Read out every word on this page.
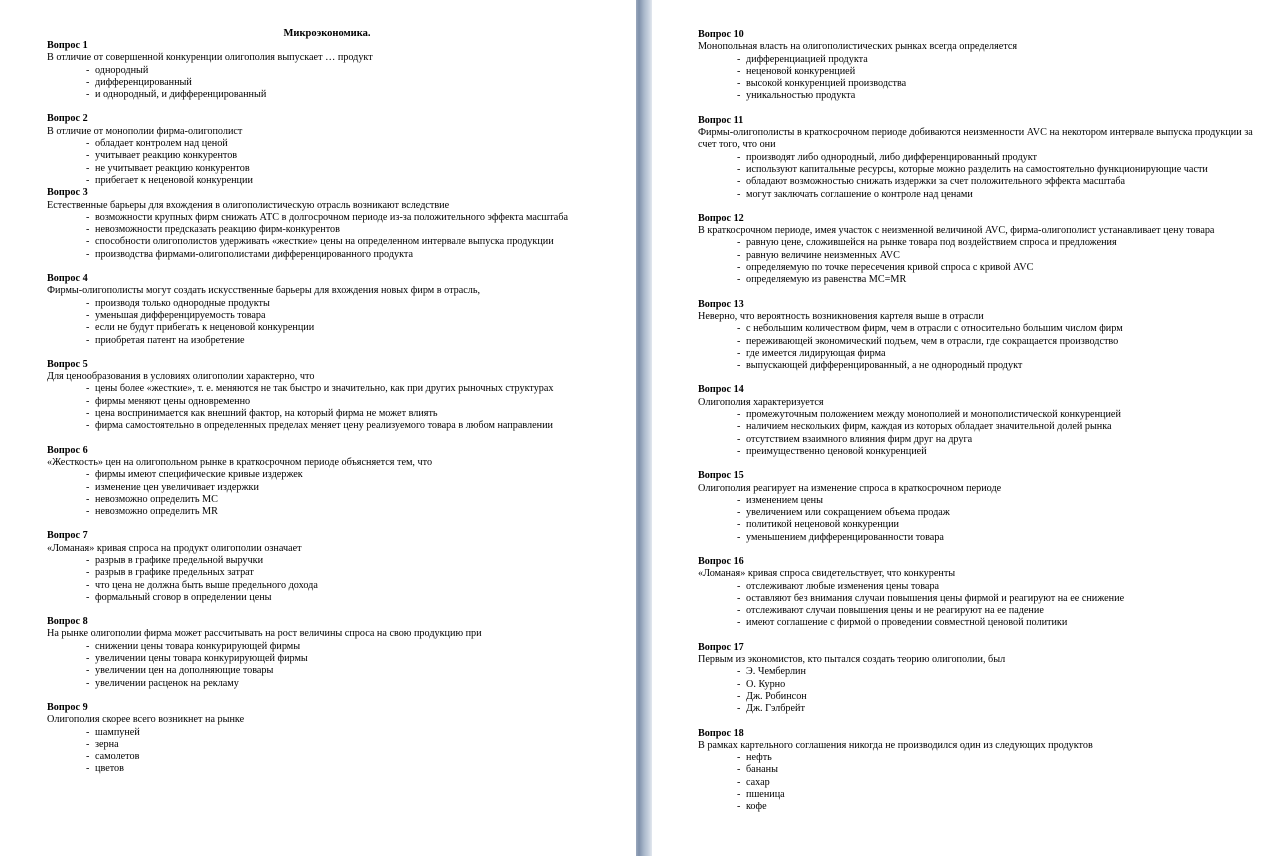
Микроэкономика.
Вопрос 1
В отличие от совершенной конкуренции олигополия выпускает … продукт
- однородный
- дифференцированный
- и однородный, и дифференцированный
Вопрос 2
В отличие от монополии фирма-олигополист
- обладает контролем над ценой
- учитывает реакцию конкурентов
- не учитывает реакцию конкурентов
- прибегает к неценовой конкуренции
Вопрос 3
Естественные барьеры для вхождения в олигополистическую отрасль возникают вследствие
- возможности крупных фирм снижать АТС в долгосрочном периоде из-за положительного эффекта масштаба
- невозможности предсказать реакцию фирм-конкурентов
- способности олигополистов удерживать «жесткие» цены на определенном интервале выпуска продукции
- производства фирмами-олигополистами дифференцированного продукта
Вопрос 4
Фирмы-олигополисты могут создать искусственные барьеры для вхождения новых фирм в отрасль,
- производя только однородные продукты
- уменьшая дифференцируемость товара
- если не будут прибегать к неценовой конкуренции
- приобретая патент на изобретение
Вопрос 5
Для ценообразования в условиях олигополии характерно, что
- цены более «жесткие», т. е. меняются не так быстро и значительно, как при других рыночных структурах
- фирмы меняют цены одновременно
- цена воспринимается как внешний фактор, на который фирма не может влиять
- фирма самостоятельно в определенных пределах меняет цену реализуемого товара в любом направлении
Вопрос 6
«Жесткость» цен на олигопольном рынке в краткосрочном периоде объясняется тем, что
- фирмы имеют специфические кривые издержек
- изменение цен увеличивает издержки
- невозможно определить МС
- невозможно определить MR
Вопрос 7
«Ломаная» кривая спроса на продукт олигополии означает
- разрыв в графике предельной выручки
- разрыв в графике предельных затрат
- что цена не должна быть выше предельного дохода
- формальный сговор в определении цены
Вопрос 8
На рынке олигополии фирма может рассчитывать на рост величины спроса на свою продукцию при
- снижении цены товара конкурирующей фирмы
- увеличении цены товара конкурирующей фирмы
- увеличении цен на дополняющие товары
- увеличении расценок на рекламу
Вопрос 9
Олигополия скорее всего возникнет на рынке
- шампуней
- зерна
- самолетов
- цветов
Вопрос 10
Монопольная власть на олигополистических рынках всегда определяется
- дифференциацией продукта
- неценовой конкуренцией
- высокой конкуренцией производства
- уникальностью продукта
Вопрос 11
Фирмы-олигополисты в краткосрочном периоде добиваются неизменности AVC на некотором интервале выпуска продукции за счет того, что они
- производят либо однородный, либо дифференцированный продукт
- используют капитальные ресурсы, которые можно разделить на самостоятельно функционирующие части
- обладают возможностью снижать издержки за счет положительного эффекта масштаба
- могут заключать соглашение о контроле над ценами
Вопрос 12
В краткосрочном периоде, имея участок с неизменной величиной AVC, фирма-олигополист устанавливает цену товара
- равную цене, сложившейся на рынке товара под воздействием спроса и предложения
- равную величине неизменных AVC
- определяемую по точке пересечения кривой спроса с кривой AVC
- определяемую из равенства МС=MR
Вопрос 13
Неверно, что вероятность возникновения картеля выше в отрасли
- с небольшим количеством фирм, чем в отрасли с относительно большим числом фирм
- переживающей экономический подъем, чем в отрасли, где сокращается производство
- где имеется лидирующая фирма
- выпускающей дифференцированный, а не однородный продукт
Вопрос 14
Олигополия характеризуется
- промежуточным положением между монополией и монополистической конкуренцией
- наличием нескольких фирм, каждая из которых обладает значительной долей рынка
- отсутствием взаимного влияния фирм друг на друга
- преимущественно ценовой конкуренцией
Вопрос 15
Олигополия реагирует на изменение спроса в краткосрочном периоде
- изменением цены
- увеличением или сокращением объема продаж
- политикой неценовой конкуренции
- уменьшением дифференцированности товара
Вопрос 16
«Ломаная» кривая спроса свидетельствует, что конкуренты
- отслеживают любые изменения цены товара
- оставляют без внимания случаи повышения цены фирмой и реагируют на ее снижение
- отслеживают случаи повышения цены и не реагируют на ее падение
- имеют соглашение с фирмой о проведении совместной ценовой политики
Вопрос 17
Первым из экономистов, кто пытался создать теорию олигополии, был
- Э. Чемберлин
- О. Курно
- Дж. Робинсон
- Дж. Гэлбрейт
Вопрос 18
В рамках картельного соглашения никогда не производился один из следующих продуктов
- нефть
- бананы
- сахар
- пшеница
- кофе
